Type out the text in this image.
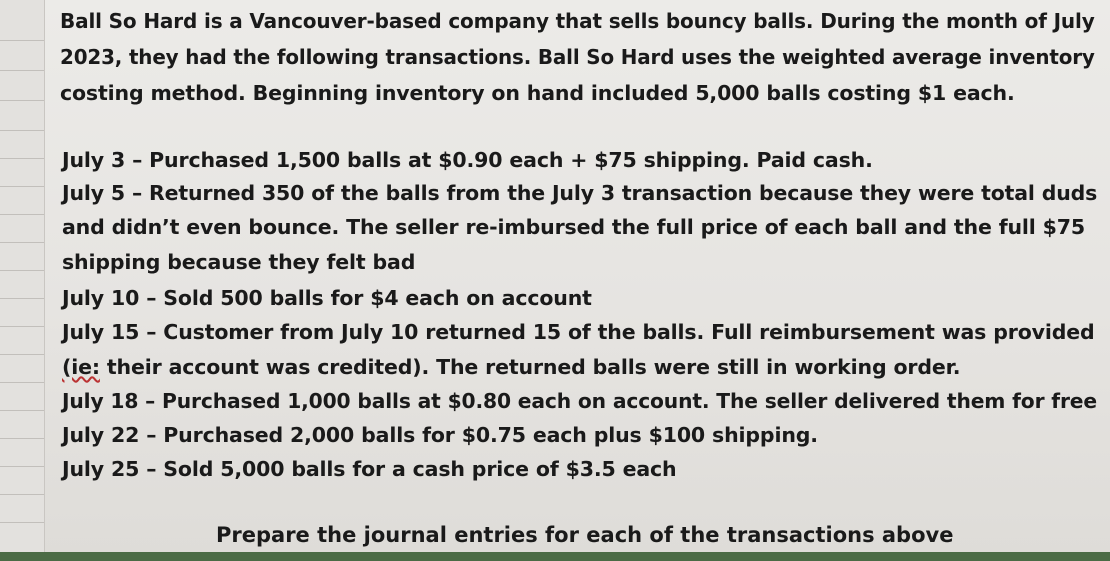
Ball So Hard is a Vancouver-based company that sells bouncy balls. During the month of July
2023, they had the following transactions. Ball So Hard uses the weighted average inventory
costing method. Beginning inventory on hand included 5,000 balls costing $1 each.
July 3 – Purchased 1,500 balls at $0.90 each + $75 shipping. Paid cash.
July 5 – Returned 350 of the balls from the July 3 transaction because they were total duds
and didn’t even bounce. The seller re-imbursed the full price of each ball and the full $75
shipping because they felt bad
July 10 – Sold 500 balls for $4 each on account
July 15 – Customer from July 10 returned 15 of the balls. Full reimbursement was provided
(ie: their account was credited). The returned balls were still in working order.
July 18 – Purchased 1,000 balls at $0.80 each on account. The seller delivered them for free
July 22 – Purchased 2,000 balls for $0.75 each plus $100 shipping.
July 25 – Sold 5,000 balls for a cash price of $3.5 each
Prepare the journal entries for each of the transactions above
